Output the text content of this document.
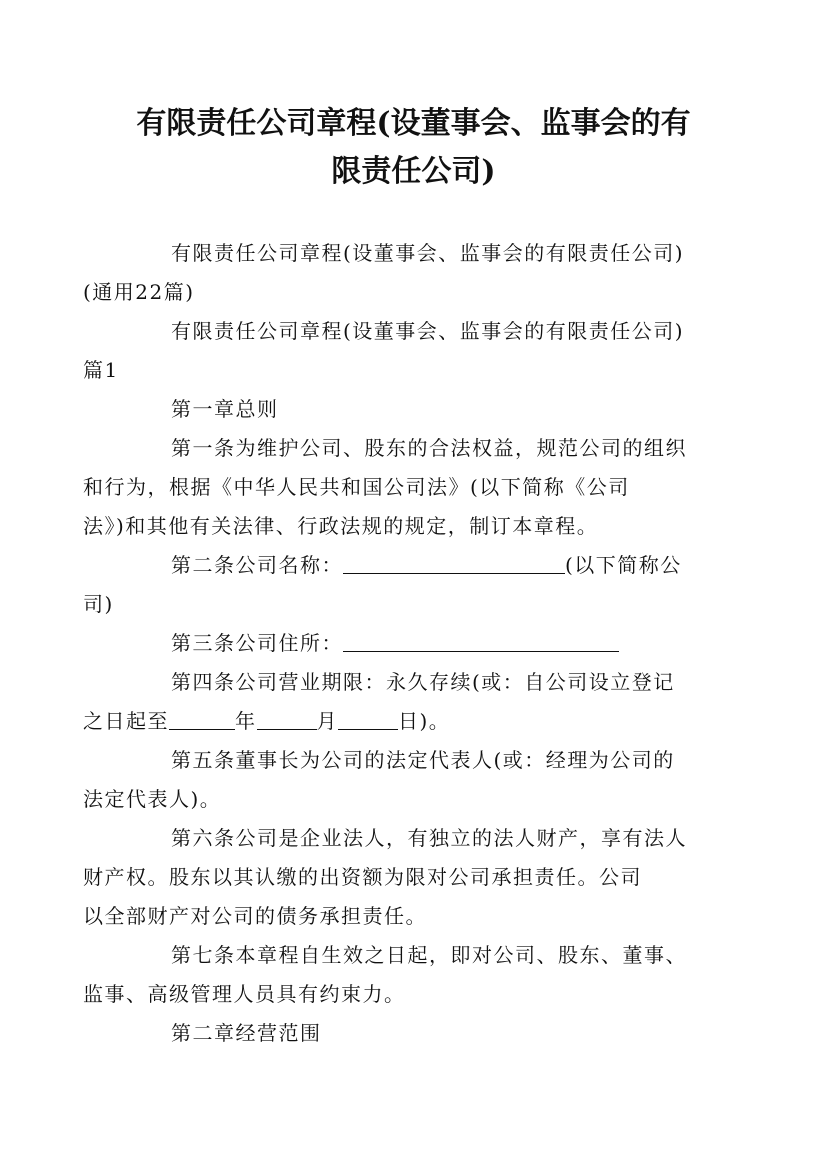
有限责任公司章程(设董事会、监事会的有
限责任公司)

有限责任公司章程(设董事会、监事会的有限责任公司)
(通用22篇)

有限责任公司章程(设董事会、监事会的有限责任公司)
篇1

第一章总则

第一条为维护公司、股东的合法权益，规范公司的组织
和行为，根据《中华人民共和国公司法》(以下简称《公司
法》)和其他有关法律、行政法规的规定，制订本章程。

第二条公司名称：	(以下简称公
司)

第三条公司住所：

第四条公司营业期限：永久存续(或：自公司设立登记
之日起至	年	月	日)。

第五条董事长为公司的法定代表人(或：经理为公司的
法定代表人)。

第六条公司是企业法人，有独立的法人财产，享有法人
财产权。股东以其认缴的出资额为限对公司承担责任。公司
以全部财产对公司的债务承担责任。

第七条本章程自生效之日起，即对公司、股东、董事、
监事、高级管理人员具有约束力。

第二章经营范围
